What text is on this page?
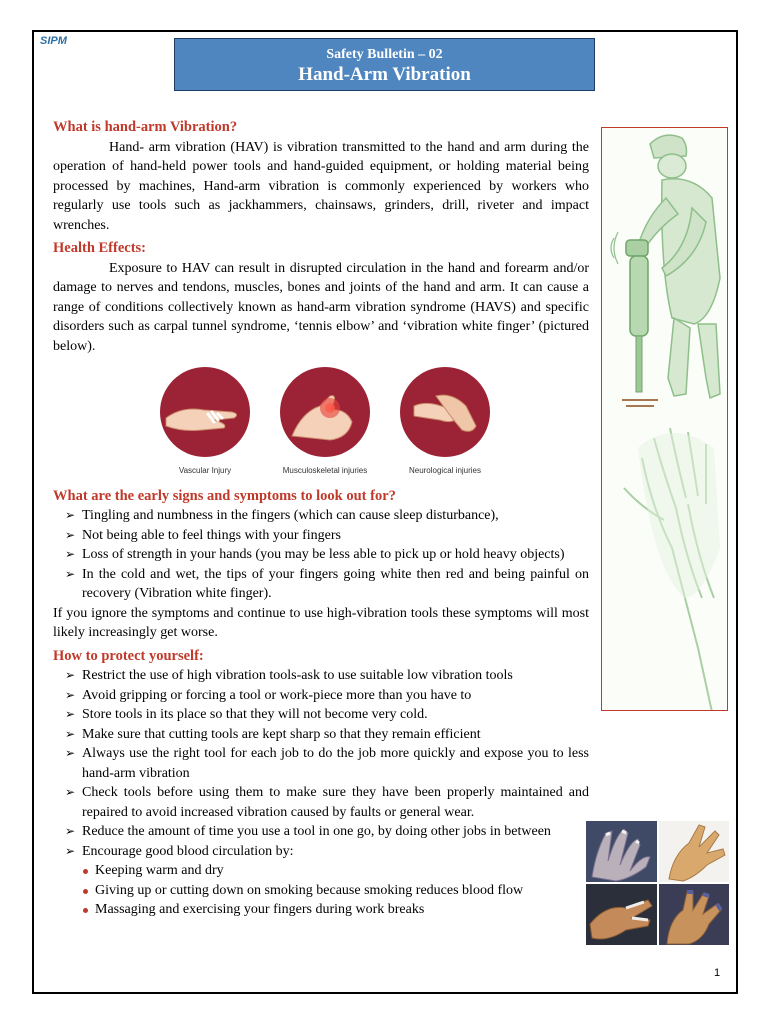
SIPM
Safety Bulletin – 02
Hand-Arm Vibration
What is hand-arm Vibration?
Hand- arm vibration (HAV) is vibration transmitted to the hand and arm during the operation of hand-held power tools and hand-guided equipment, or holding material being processed by machines, Hand-arm vibration is commonly experienced by workers who regularly use tools such as jackhammers, chainsaws, grinders, drill, riveter and impact wrenches.
Health Effects:
Exposure to HAV can result in disrupted circulation in the hand and forearm and/or damage to nerves and tendons, muscles, bones and joints of the hand and arm. It can cause a range of conditions collectively known as hand-arm vibration syndrome (HAVS) and specific disorders such as carpal tunnel syndrome, ‘tennis elbow’ and ‘vibration white finger’ (pictured below).
Vascular Injury	Musculoskeletal injuries	Neurological injuries
What are the early signs and symptoms to look out for?
➢ Tingling and numbness in the fingers (which can cause sleep disturbance),
➢ Not being able to feel things with your fingers
➢ Loss of strength in your hands (you may be less able to pick up or hold heavy objects)
➢ In the cold and wet, the tips of your fingers going white then red and being painful on recovery (Vibration white finger).
If you ignore the symptoms and continue to use high-vibration tools these symptoms will most likely increasingly get worse.
How to protect yourself:
➢ Restrict the use of high vibration tools-ask to use suitable low vibration tools
➢ Avoid gripping or forcing a tool or work-piece more than you have to
➢ Store tools in its place so that they will not become very cold.
➢ Make sure that cutting tools are kept sharp so that they remain efficient
➢ Always use the right tool for each job to do the job more quickly and expose you to less hand-arm vibration
➢ Check tools before using them to make sure they have been properly maintained and repaired to avoid increased vibration caused by faults or general wear.
➢ Reduce the amount of time you use a tool in one go, by doing other jobs in between
➢ Encourage good blood circulation by:
Keeping warm and dry
Giving up or cutting down on smoking because smoking reduces blood flow
Massaging and exercising your fingers during work breaks
1
